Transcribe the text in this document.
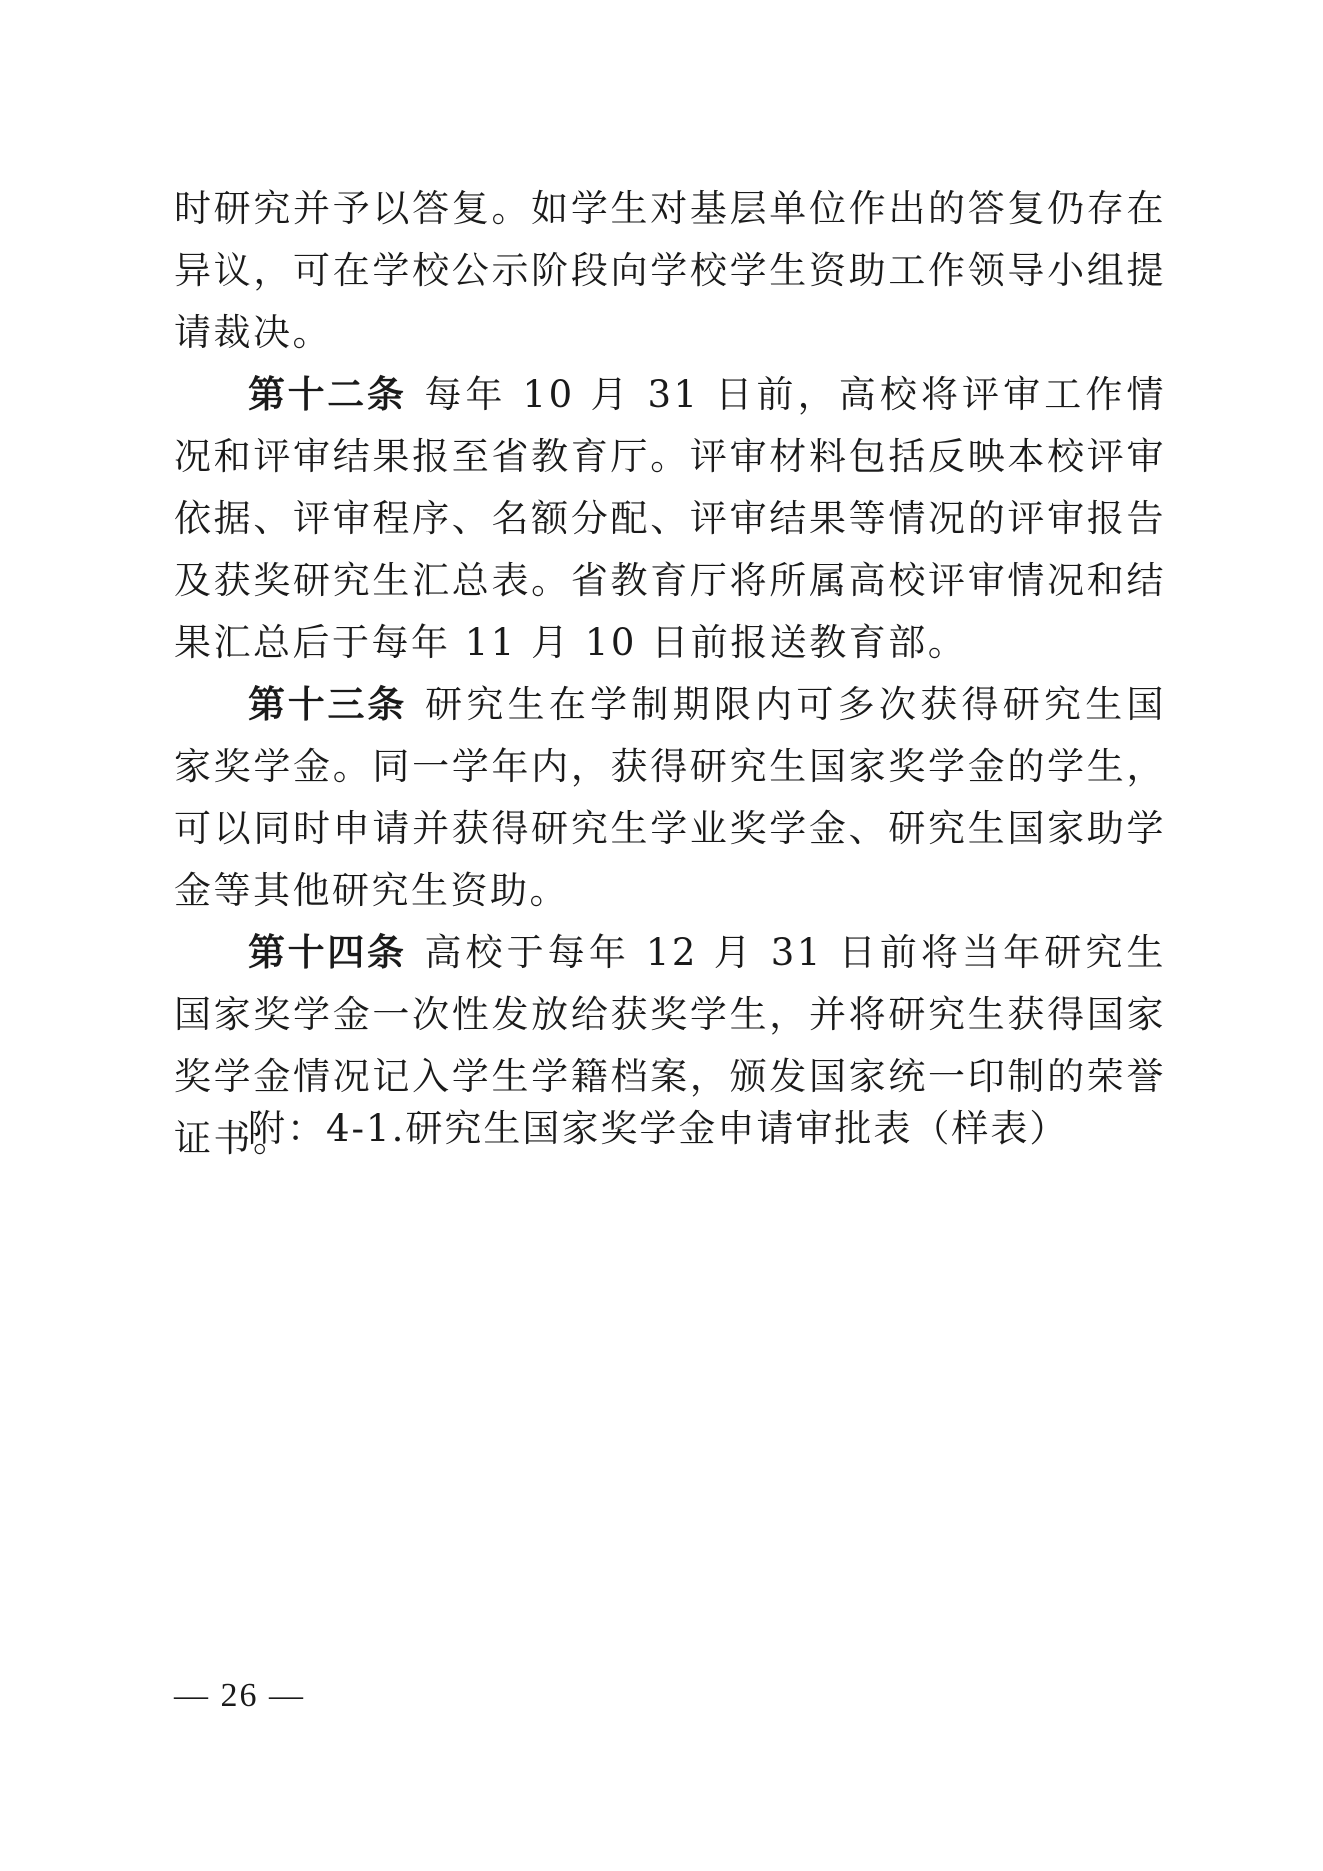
时研究并予以答复。如学生对基层单位作出的答复仍存在异议，可在学校公示阶段向学校学生资助工作领导小组提请裁决。

第十二条 每年 10 月 31 日前，高校将评审工作情况和评审结果报至省教育厅。评审材料包括反映本校评审依据、评审程序、名额分配、评审结果等情况的评审报告及获奖研究生汇总表。省教育厅将所属高校评审情况和结果汇总后于每年 11 月 10 日前报送教育部。

第十三条 研究生在学制期限内可多次获得研究生国家奖学金。同一学年内，获得研究生国家奖学金的学生，可以同时申请并获得研究生学业奖学金、研究生国家助学金等其他研究生资助。

第十四条 高校于每年 12 月 31 日前将当年研究生国家奖学金一次性发放给获奖学生，并将研究生获得国家奖学金情况记入学生学籍档案，颁发国家统一印制的荣誉证书。

附：4-1.研究生国家奖学金申请审批表（样表）
— 26 —
